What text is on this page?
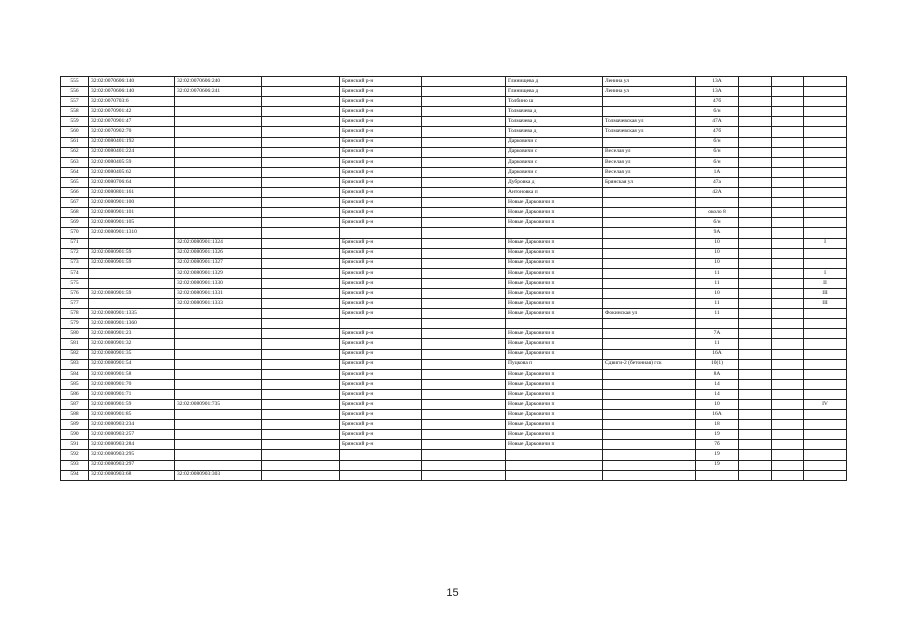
555	32:02:0070606:140	32:02:0070606:240		Брянский р-н		Глинищева д	Ленина ул	13А			
556	32:02:0070606:140	32:02:0070606:241		Брянский р-н		Глинищева д	Ленина ул	13А			
557	32:02:0070703:6			Брянский р-н		Толбино ш		47б			
558	32:02:0070901:42			Брянский р-н		Толмачева д		б/н			
559	32:02:0070901:47			Брянский р-н		Толмачева д	Толмачевская ул	47А			
560	32:02:0070902:70			Брянский р-н		Толмачева д	Толмачевская ул	47б			
561	32:02:0080401:192			Брянский р-н		Дарковичи с		б/н			
562	32:02:0080401:224			Брянский р-н		Дарковичи с	Веселая ул	б/н			
563	32:02:0080405:59			Брянский р-н		Дарковичи с	Веселая ул	б/н			
564	32:02:0080405:62			Брянский р-н		Дарковичи с	Веселая ул	1А			
565	32:02:0080706:64			Брянский р-н		Дубровка д	Брянская ул	47а			
566	32:02:0080801:161			Брянский р-н		Антоновка п		42А			
567	32:02:0080901:100			Брянский р-н		Новые Дарковичи п					
568	32:02:0080901:101			Брянский р-н		Новые Дарковичи п		около 8			
569	32:02:0080901:105			Брянский р-н		Новые Дарковичи п		б/н			
570	32:02:0080901:1310							9А			
571		32:02:0080901:1324		Брянский р-н		Новые Дарковичи п		10			I
572	32:02:0080901:59	32:02:0080901:1326		Брянский р-н		Новые Дарковичи п		10			
573	32:02:0080901:59	32:02:0080901:1327		Брянский р-н		Новые Дарковичи п		10			
574		32:02:0080901:1329		Брянский р-н		Новые Дарковичи п		11			I
575		32:02:0080901:1330		Брянский р-н		Новые Дарковичи п		11			II
576	32:02:0080901:59	32:02:0080901:1331		Брянский р-н		Новые Дарковичи п		10			III
577		32:02:0080901:1333		Брянский р-н		Новые Дарковичи п		11			III
578	32:02:0080901:1335			Брянский р-н		Новые Дарковичи п	Фокинская ул	11			
579	32:02:0080901:1360										
580	32:02:0080901:23			Брянский р-н		Новые Дарковичи п		7А			
581	32:02:0080901:32			Брянский р-н		Новые Дарковичи п		11			
582	32:02:0080901:35			Брянский р-н		Новые Дарковичи п		16А			
583	32:02:0080901:54			Брянский р-н		Пуцкова п	Сдвиги-2 (бетонная) гск	10(1)			
584	32:02:0080901:58			Брянский р-н		Новые Дарковичи п		8А			
585	32:02:0080901:70			Брянский р-н		Новые Дарковичи п		14			
586	32:02:0080901:71			Брянский р-н		Новые Дарковичи п		14			
587	32:02:0080901:59	32:02:0080901:735		Брянский р-н		Новые Дарковичи п		10			IV
588	32:02:0080901:85			Брянский р-н		Новые Дарковичи п		16А			
589	32:02:0080903:234			Брянский р-н		Новые Дарковичи п		18			
590	32:02:0080903:257			Брянский р-н		Новые Дарковичи п		19			
591	32:02:0080903:284			Брянский р-н		Новые Дарковичи п		7б			
592	32:02:0080903:295							19			
593	32:02:0080903:297							19			
594	32:02:0080903:68	32:02:0080903:303									
15
